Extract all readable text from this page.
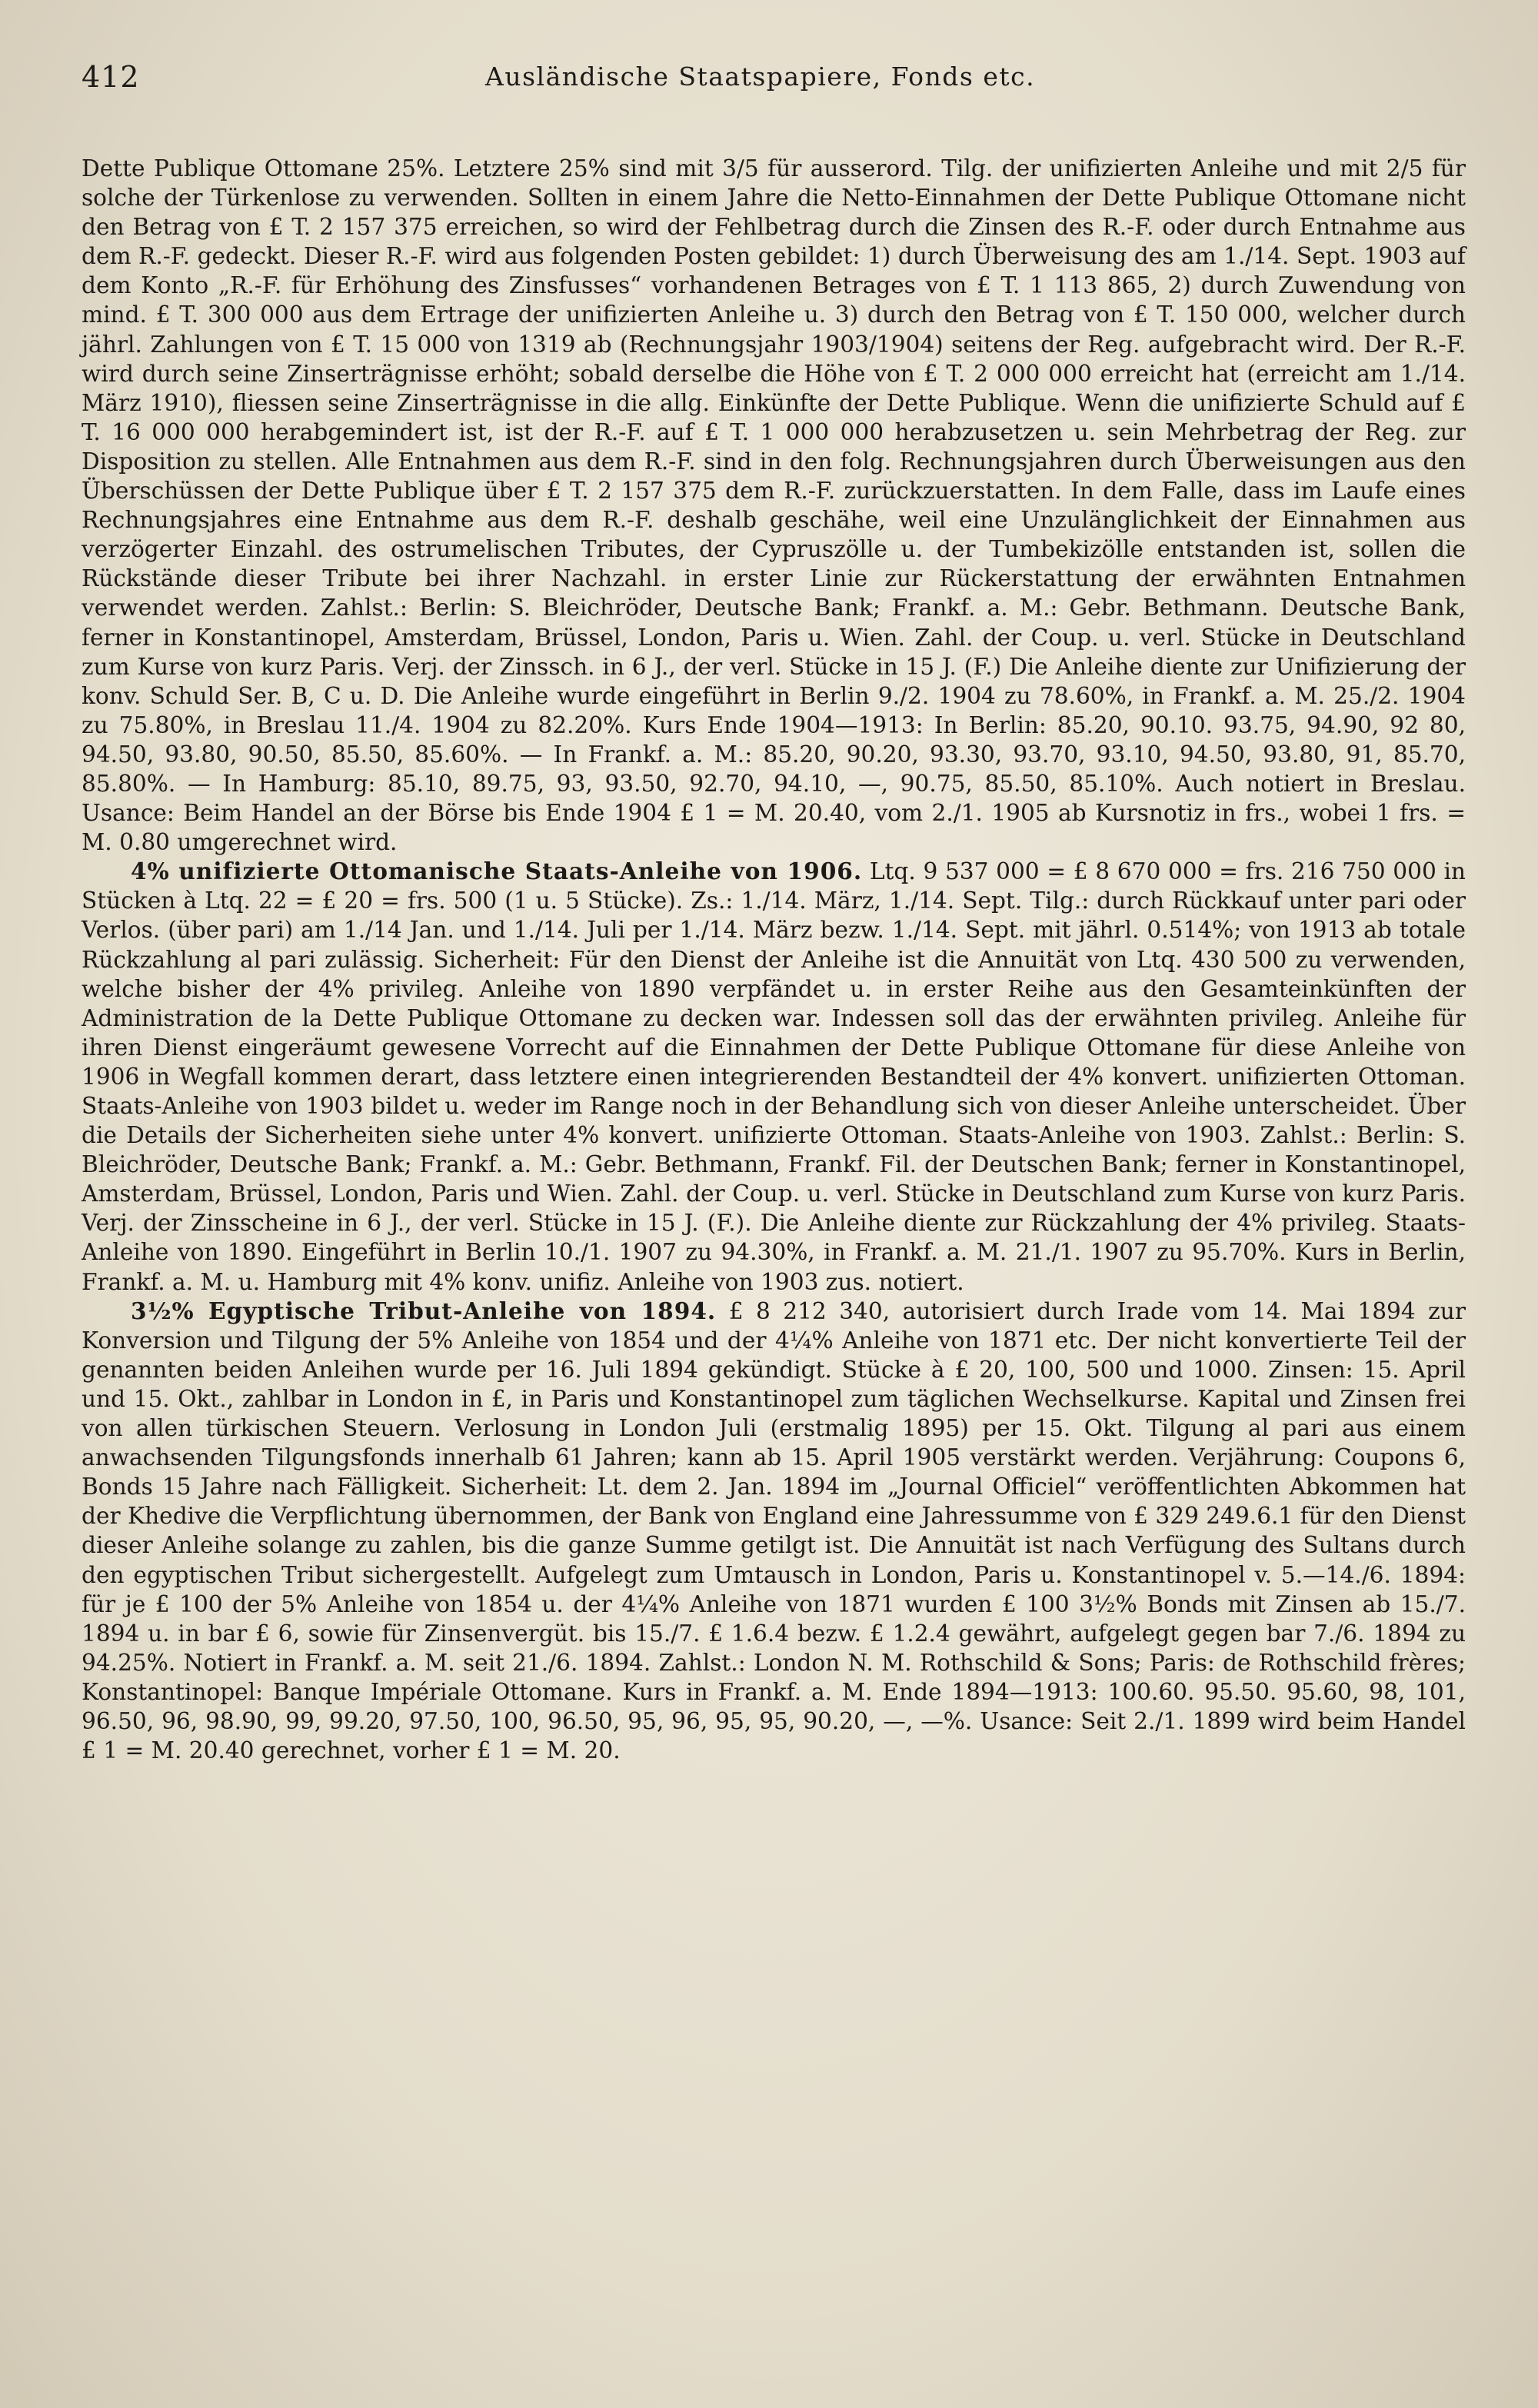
412	Ausländische Staatspapiere, Fonds etc.

Dette Publique Ottomane 25%. Letztere 25% sind mit 3/5 für ausserord. Tilg. der unifizierten Anleihe und mit 2/5 für solche der Türkenlose zu verwenden. Sollten in einem Jahre die Netto-Einnahmen der Dette Publique Ottomane nicht den Betrag von £ T. 2 157 375 erreichen, so wird der Fehlbetrag durch die Zinsen des R.-F. oder durch Entnahme aus dem R.-F. gedeckt. Dieser R.-F. wird aus folgenden Posten gebildet: 1) durch Überweisung des am 1./14. Sept. 1903 auf dem Konto „R.-F. für Erhöhung des Zinsfusses“ vorhandenen Betrages von £ T. 1 113 865, 2) durch Zuwendung von mind. £ T. 300 000 aus dem Ertrage der unifizierten Anleihe u. 3) durch den Betrag von £ T. 150 000, welcher durch jährl. Zahlungen von £ T. 15 000 von 1319 ab (Rechnungsjahr 1903/1904) seitens der Reg. aufgebracht wird. Der R.-F. wird durch seine Zinserträgnisse erhöht; sobald derselbe die Höhe von £ T. 2 000 000 erreicht hat (erreicht am 1./14. März 1910), fliessen seine Zinserträgnisse in die allg. Einkünfte der Dette Publique. Wenn die unifizierte Schuld auf £ T. 16 000 000 herabgemindert ist, ist der R.-F. auf £ T. 1 000 000 herabzusetzen u. sein Mehrbetrag der Reg. zur Disposition zu stellen. Alle Entnahmen aus dem R.-F. sind in den folg. Rechnungsjahren durch Überweisungen aus den Überschüssen der Dette Publique über £ T. 2 157 375 dem R.-F. zurückzuerstatten. In dem Falle, dass im Laufe eines Rechnungsjahres eine Entnahme aus dem R.-F. deshalb geschähe, weil eine Unzulänglichkeit der Einnahmen aus verzögerter Einzahl. des ostrumelischen Tributes, der Cypruszölle u. der Tumbekizölle entstanden ist, sollen die Rückstände dieser Tribute bei ihrer Nachzahl. in erster Linie zur Rückerstattung der erwähnten Entnahmen verwendet werden. Zahlst.: Berlin: S. Bleichröder, Deutsche Bank; Frankf. a. M.: Gebr. Bethmann. Deutsche Bank, ferner in Konstantinopel, Amsterdam, Brüssel, London, Paris u. Wien. Zahl. der Coup. u. verl. Stücke in Deutschland zum Kurse von kurz Paris. Verj. der Zinssch. in 6 J., der verl. Stücke in 15 J. (F.) Die Anleihe diente zur Unifizierung der konv. Schuld Ser. B, C u. D. Die Anleihe wurde eingeführt in Berlin 9./2. 1904 zu 78.60%, in Frankf. a. M. 25./2. 1904 zu 75.80%, in Breslau 11./4. 1904 zu 82.20%. Kurs Ende 1904—1913: In Berlin: 85.20, 90.10. 93.75, 94.90, 92 80, 94.50, 93.80, 90.50, 85.50, 85.60%. — In Frankf. a. M.: 85.20, 90.20, 93.30, 93.70, 93.10, 94.50, 93.80, 91, 85.70, 85.80%. — In Hamburg: 85.10, 89.75, 93, 93.50, 92.70, 94.10, —, 90.75, 85.50, 85.10%. Auch notiert in Breslau. Usance: Beim Handel an der Börse bis Ende 1904 £ 1 = M. 20.40, vom 2./1. 1905 ab Kursnotiz in frs., wobei 1 frs. = M. 0.80 umgerechnet wird.

4% unifizierte Ottomanische Staats-Anleihe von 1906. Ltq. 9 537 000 = £ 8 670 000 = frs. 216 750 000 in Stücken à Ltq. 22 = £ 20 = frs. 500 (1 u. 5 Stücke). Zs.: 1./14. März, 1./14. Sept. Tilg.: durch Rückkauf unter pari oder Verlos. (über pari) am 1./14 Jan. und 1./14. Juli per 1./14. März bezw. 1./14. Sept. mit jährl. 0.514%; von 1913 ab totale Rückzahlung al pari zulässig. Sicherheit: Für den Dienst der Anleihe ist die Annuität von Ltq. 430 500 zu verwenden, welche bisher der 4% privileg. Anleihe von 1890 verpfändet u. in erster Reihe aus den Gesamteinkünften der Administration de la Dette Publique Ottomane zu decken war. Indessen soll das der erwähnten privileg. Anleihe für ihren Dienst eingeräumt gewesene Vorrecht auf die Einnahmen der Dette Publique Ottomane für diese Anleihe von 1906 in Wegfall kommen derart, dass letztere einen integrierenden Bestandteil der 4% konvert. unifizierten Ottoman. Staats-Anleihe von 1903 bildet u. weder im Range noch in der Behandlung sich von dieser Anleihe unterscheidet. Über die Details der Sicherheiten siehe unter 4% konvert. unifizierte Ottoman. Staats-Anleihe von 1903. Zahlst.: Berlin: S. Bleichröder, Deutsche Bank; Frankf. a. M.: Gebr. Bethmann, Frankf. Fil. der Deutschen Bank; ferner in Konstantinopel, Amsterdam, Brüssel, London, Paris und Wien. Zahl. der Coup. u. verl. Stücke in Deutschland zum Kurse von kurz Paris. Verj. der Zinsscheine in 6 J., der verl. Stücke in 15 J. (F.). Die Anleihe diente zur Rückzahlung der 4% privileg. Staats-Anleihe von 1890. Eingeführt in Berlin 10./1. 1907 zu 94.30%, in Frankf. a. M. 21./1. 1907 zu 95.70%. Kurs in Berlin, Frankf. a. M. u. Hamburg mit 4% konv. unifiz. Anleihe von 1903 zus. notiert.

3½% Egyptische Tribut-Anleihe von 1894. £ 8 212 340, autorisiert durch Irade vom 14. Mai 1894 zur Konversion und Tilgung der 5% Anleihe von 1854 und der 4¼% Anleihe von 1871 etc. Der nicht konvertierte Teil der genannten beiden Anleihen wurde per 16. Juli 1894 gekündigt. Stücke à £ 20, 100, 500 und 1000. Zinsen: 15. April und 15. Okt., zahlbar in London in £, in Paris und Konstantinopel zum täglichen Wechselkurse. Kapital und Zinsen frei von allen türkischen Steuern. Verlosung in London Juli (erstmalig 1895) per 15. Okt. Tilgung al pari aus einem anwachsenden Tilgungsfonds innerhalb 61 Jahren; kann ab 15. April 1905 verstärkt werden. Verjährung: Coupons 6, Bonds 15 Jahre nach Fälligkeit. Sicherheit: Lt. dem 2. Jan. 1894 im „Journal Officiel“ veröffentlichten Abkommen hat der Khedive die Verpflichtung übernommen, der Bank von England eine Jahressumme von £ 329 249.6.1 für den Dienst dieser Anleihe solange zu zahlen, bis die ganze Summe getilgt ist. Die Annuität ist nach Verfügung des Sultans durch den egyptischen Tribut sichergestellt. Aufgelegt zum Umtausch in London, Paris u. Konstantinopel v. 5.—14./6. 1894: für je £ 100 der 5% Anleihe von 1854 u. der 4¼% Anleihe von 1871 wurden £ 100 3½% Bonds mit Zinsen ab 15./7. 1894 u. in bar £ 6, sowie für Zinsenvergüt. bis 15./7. £ 1.6.4 bezw. £ 1.2.4 gewährt, aufgelegt gegen bar 7./6. 1894 zu 94.25%. Notiert in Frankf. a. M. seit 21./6. 1894. Zahlst.: London N. M. Rothschild & Sons; Paris: de Rothschild frères; Konstantinopel: Banque Impériale Ottomane. Kurs in Frankf. a. M. Ende 1894—1913: 100.60. 95.50. 95.60, 98, 101, 96.50, 96, 98.90, 99, 99.20, 97.50, 100, 96.50, 95, 96, 95, 95, 90.20, —, —%. Usance: Seit 2./1. 1899 wird beim Handel £ 1 = M. 20.40 gerechnet, vorher £ 1 = M. 20.
